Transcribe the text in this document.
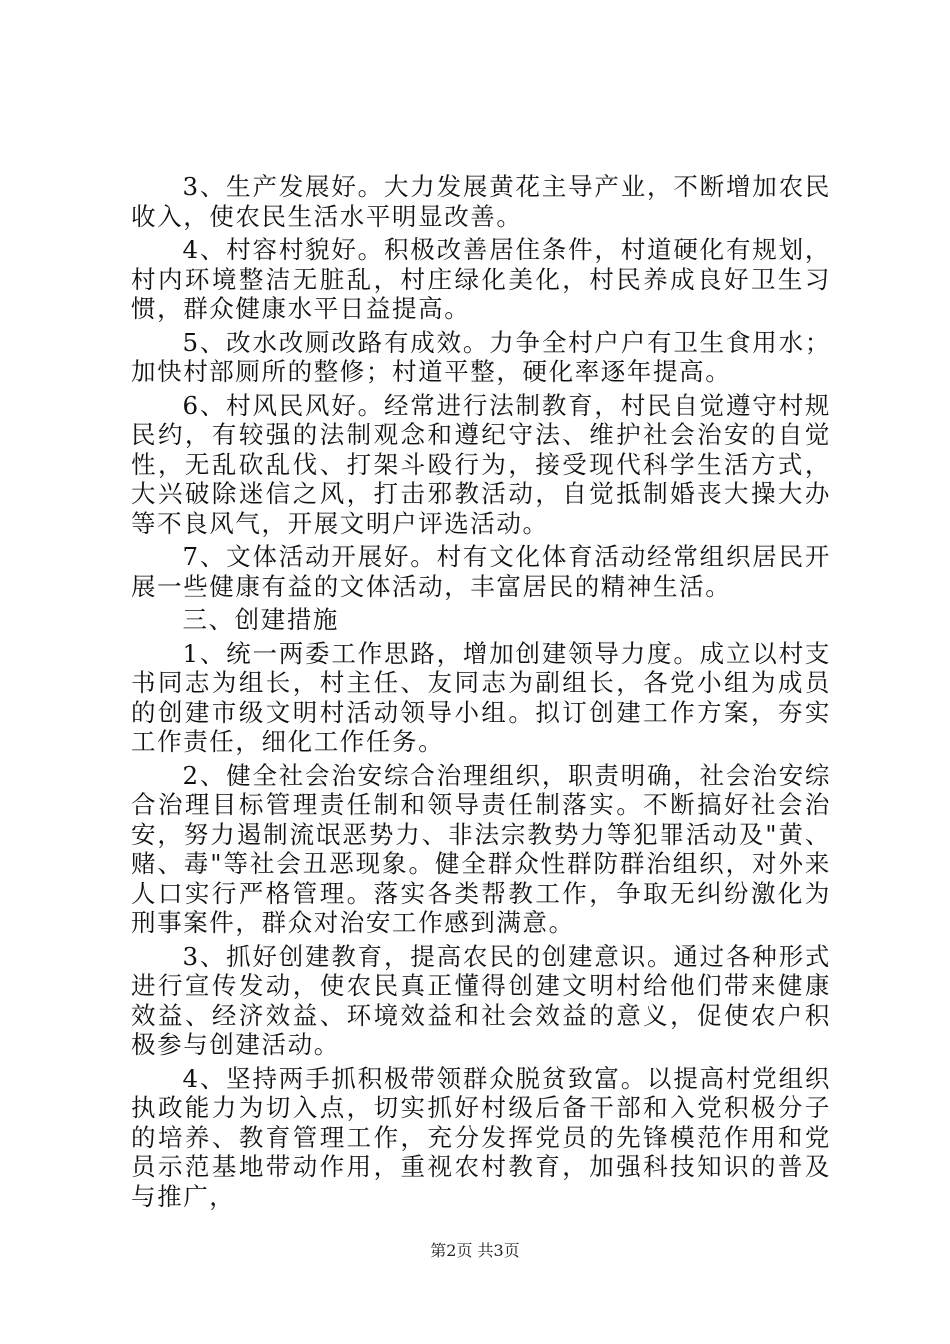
3、生产发展好。大力发展黄花主导产业，不断增加农民收入，使农民生活水平明显改善。

4、村容村貌好。积极改善居住条件，村道硬化有规划，村内环境整洁无脏乱，村庄绿化美化，村民养成良好卫生习惯，群众健康水平日益提高。

5、改水改厕改路有成效。力争全村户户有卫生食用水；加快村部厕所的整修；村道平整，硬化率逐年提高。

6、村风民风好。经常进行法制教育，村民自觉遵守村规民约，有较强的法制观念和遵纪守法、维护社会治安的自觉性，无乱砍乱伐、打架斗殴行为，接受现代科学生活方式，大兴破除迷信之风，打击邪教活动，自觉抵制婚丧大操大办等不良风气，开展文明户评选活动。

7、文体活动开展好。村有文化体育活动经常组织居民开展一些健康有益的文体活动，丰富居民的精神生活。

三、创建措施

1、统一两委工作思路，增加创建领导力度。成立以村支书同志为组长，村主任、友同志为副组长，各党小组为成员的创建市级文明村活动领导小组。拟订创建工作方案，夯实工作责任，细化工作任务。

2、健全社会治安综合治理组织，职责明确，社会治安综合治理目标管理责任制和领导责任制落实。不断搞好社会治安，努力遏制流氓恶势力、非法宗教势力等犯罪活动及"黄、赌、毒"等社会丑恶现象。健全群众性群防群治组织，对外来人口实行严格管理。落实各类帮教工作，争取无纠纷激化为刑事案件，群众对治安工作感到满意。

3、抓好创建教育，提高农民的创建意识。通过各种形式进行宣传发动，使农民真正懂得创建文明村给他们带来健康效益、经济效益、环境效益和社会效益的意义，促使农户积极参与创建活动。

4、坚持两手抓积极带领群众脱贫致富。以提高村党组织执政能力为切入点，切实抓好村级后备干部和入党积极分子的培养、教育管理工作，充分发挥党员的先锋模范作用和党员示范基地带动作用，重视农村教育，加强科技知识的普及与推广，

第2页 共3页
